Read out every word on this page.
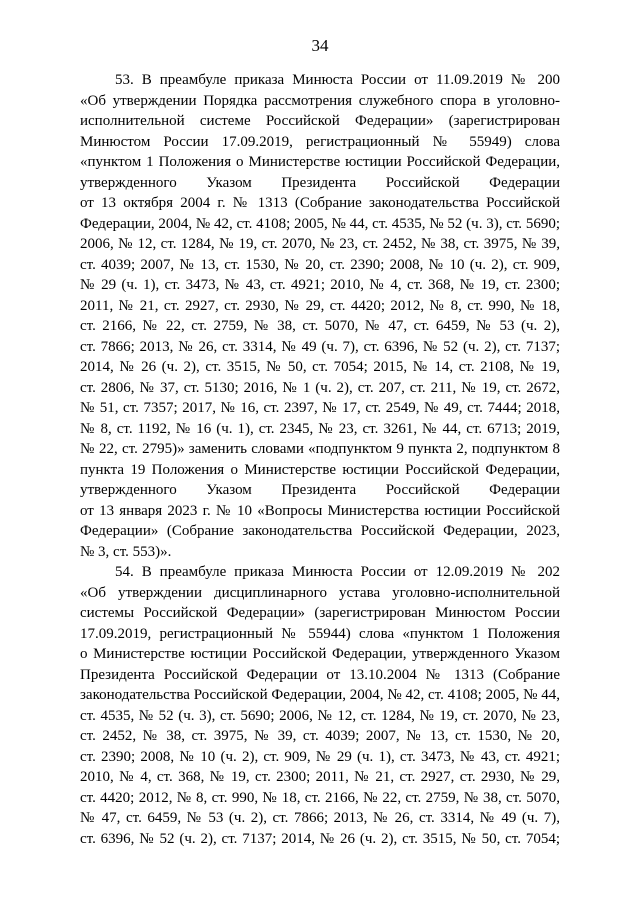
34
53. В преамбуле приказа Минюста России от 11.09.2019 № 200
«Об утверждении Порядка рассмотрения служебного спора в уголовно-
исполнительной системе Российской Федерации» (зарегистрирован
Минюстом России 17.09.2019, регистрационный № 55949) слова
«пунктом 1 Положения о Министерстве юстиции Российской Федерации,
утвержденного Указом Президента Российской Федерации
от 13 октября 2004 г. № 1313 (Собрание законодательства Российской
Федерации, 2004, № 42, ст. 4108; 2005, № 44, ст. 4535, № 52 (ч. 3), ст. 5690;
2006, № 12, ст. 1284, № 19, ст. 2070, № 23, ст. 2452, № 38, ст. 3975, № 39,
ст. 4039; 2007, № 13, ст. 1530, № 20, ст. 2390; 2008, № 10 (ч. 2), ст. 909,
№ 29 (ч. 1), ст. 3473, № 43, ст. 4921; 2010, № 4, ст. 368, № 19, ст. 2300;
2011, № 21, ст. 2927, ст. 2930, № 29, ст. 4420; 2012, № 8, ст. 990, № 18,
ст. 2166, № 22, ст. 2759, № 38, ст. 5070, № 47, ст. 6459, № 53 (ч. 2),
ст. 7866; 2013, № 26, ст. 3314, № 49 (ч. 7), ст. 6396, № 52 (ч. 2), ст. 7137;
2014, № 26 (ч. 2), ст. 3515, № 50, ст. 7054; 2015, № 14, ст. 2108, № 19,
ст. 2806, № 37, ст. 5130; 2016, № 1 (ч. 2), ст. 207, ст. 211, № 19, ст. 2672,
№ 51, ст. 7357; 2017, № 16, ст. 2397, № 17, ст. 2549, № 49, ст. 7444; 2018,
№ 8, ст. 1192, № 16 (ч. 1), ст. 2345, № 23, ст. 3261, № 44, ст. 6713; 2019,
№ 22, ст. 2795)» заменить словами «подпунктом 9 пункта 2, подпунктом 8
пункта 19 Положения о Министерстве юстиции Российской Федерации,
утвержденного Указом Президента Российской Федерации
от 13 января 2023 г. № 10 «Вопросы Министерства юстиции Российской
Федерации» (Собрание законодательства Российской Федерации, 2023,
№ 3, ст. 553)».
54. В преамбуле приказа Минюста России от 12.09.2019 № 202
«Об утверждении дисциплинарного устава уголовно-исполнительной
системы Российской Федерации» (зарегистрирован Минюстом России
17.09.2019, регистрационный № 55944) слова «пунктом 1 Положения
о Министерстве юстиции Российской Федерации, утвержденного Указом
Президента Российской Федерации от 13.10.2004 № 1313 (Собрание
законодательства Российской Федерации, 2004, № 42, ст. 4108; 2005, № 44,
ст. 4535, № 52 (ч. 3), ст. 5690; 2006, № 12, ст. 1284, № 19, ст. 2070, № 23,
ст. 2452, № 38, ст. 3975, № 39, ст. 4039; 2007, № 13, ст. 1530, № 20,
ст. 2390; 2008, № 10 (ч. 2), ст. 909, № 29 (ч. 1), ст. 3473, № 43, ст. 4921;
2010, № 4, ст. 368, № 19, ст. 2300; 2011, № 21, ст. 2927, ст. 2930, № 29,
ст. 4420; 2012, № 8, ст. 990, № 18, ст. 2166, № 22, ст. 2759, № 38, ст. 5070,
№ 47, ст. 6459, № 53 (ч. 2), ст. 7866; 2013, № 26, ст. 3314, № 49 (ч. 7),
ст. 6396, № 52 (ч. 2), ст. 7137; 2014, № 26 (ч. 2), ст. 3515, № 50, ст. 7054;
